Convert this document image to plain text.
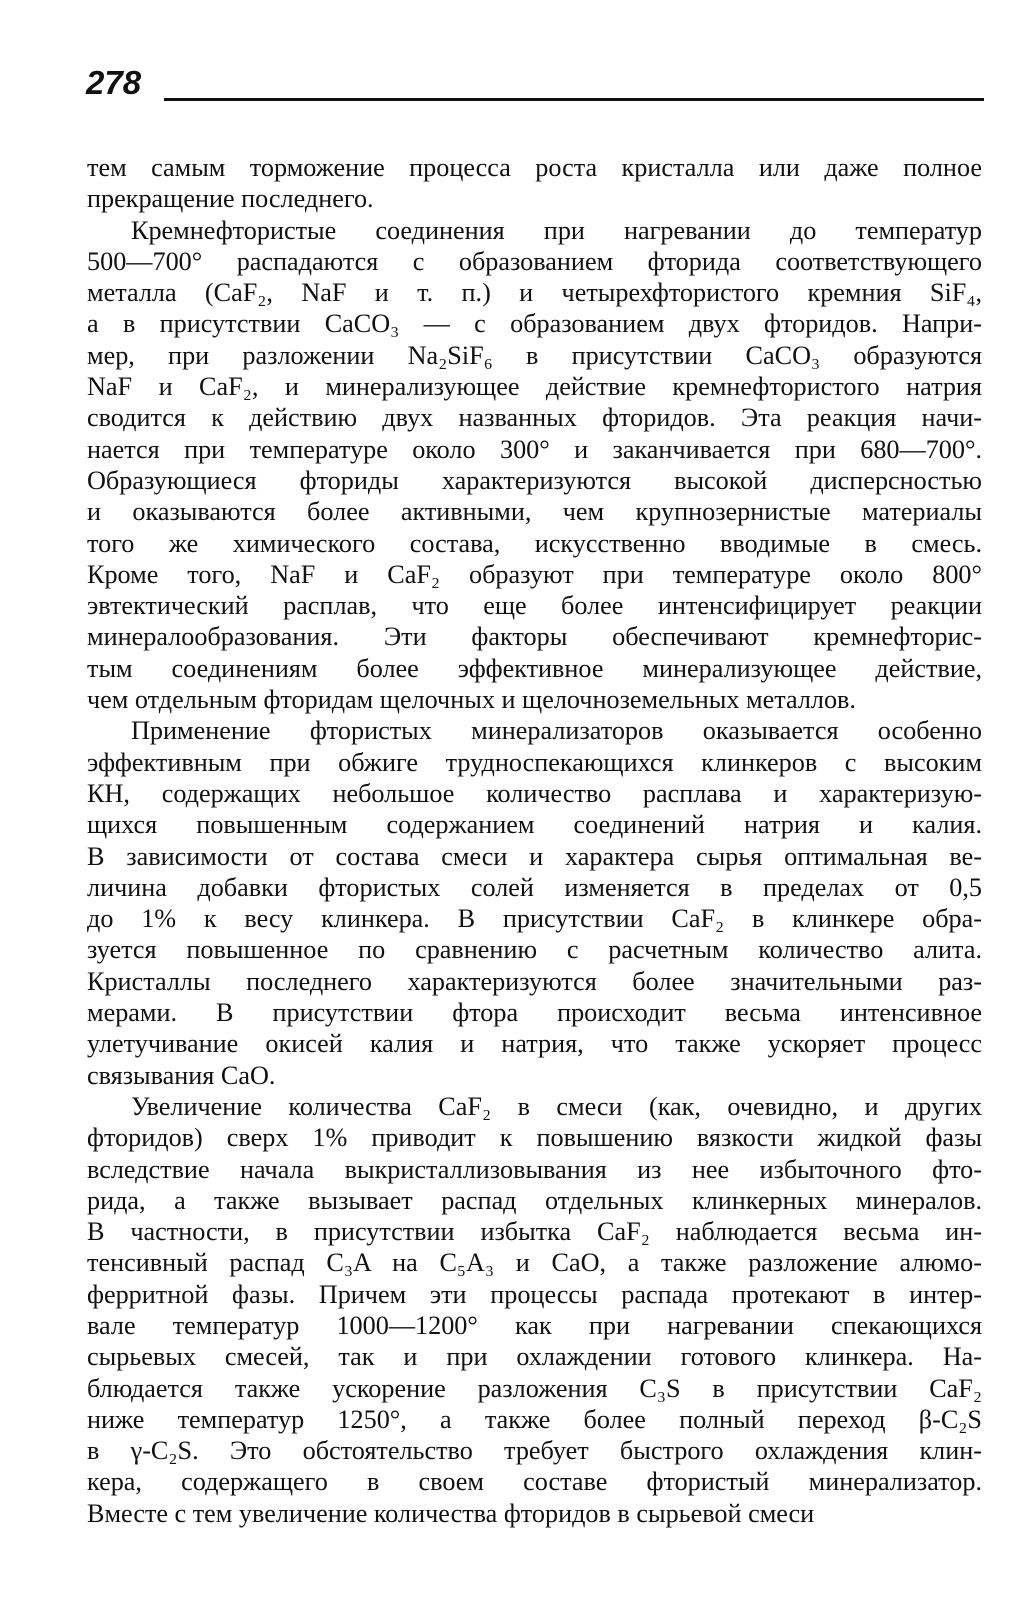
278
тем самым торможение процесса роста кристалла или даже полное
прекращение последнего.
Кремнефтористые соединения при нагревании до температур
500—700° распадаются с образованием фторида соответствующего
металла (CaF₂, NaF и т. п.) и четырехфтористого кремния SiF₄,
а в присутствии CaCO₃ — с образованием двух фторидов. Напри-
мер, при разложении Na₂SiF₆ в присутствии CaCO₃ образуются
NaF и CaF₂, и минерализующее действие кремнефтористого натрия
сводится к действию двух названных фторидов. Эта реакция начи-
нается при температуре около 300° и заканчивается при 680—700°.
Образующиеся фториды характеризуются высокой дисперсностью
и оказываются более активными, чем крупнозернистые материалы
того же химического состава, искусственно вводимые в смесь.
Кроме того, NaF и CaF₂ образуют при температуре около 800°
эвтектический расплав, что еще более интенсифицирует реакции
минералообразования. Эти факторы обеспечивают кремнефторис-
тым соединениям более эффективное минерализующее действие,
чем отдельным фторидам щелочных и щелочноземельных металлов.
Применение фтористых минерализаторов оказывается особенно
эффективным при обжиге трудноспекающихся клинкеров с высоким
КН, содержащих небольшое количество расплава и характеризую-
щихся повышенным содержанием соединений натрия и калия.
В зависимости от состава смеси и характера сырья оптимальная ве-
личина добавки фтористых солей изменяется в пределах от 0,5
до 1% к весу клинкера. В присутствии CaF₂ в клинкере обра-
зуется повышенное по сравнению с расчетным количество алита.
Кристаллы последнего характеризуются более значительными раз-
мерами. В присутствии фтора происходит весьма интенсивное
улетучивание окисей калия и натрия, что также ускоряет процесс
связывания CaO.
Увеличение количества CaF₂ в смеси (как, очевидно, и других
фторидов) сверх 1% приводит к повышению вязкости жидкой фазы
вследствие начала выкристаллизовывания из нее избыточного фто-
рида, а также вызывает распад отдельных клинкерных минералов.
В частности, в присутствии избытка CaF₂ наблюдается весьма ин-
тенсивный распад C₃A на C₅A₃ и CaO, а также разложение алюмо-
ферритной фазы. Причем эти процессы распада протекают в интер-
вале температур 1000—1200° как при нагревании спекающихся
сырьевых смесей, так и при охлаждении готового клинкера. На-
блюдается также ускорение разложения C₃S в присутствии CaF₂
ниже температур 1250°, а также более полный переход β-C₂S
в γ-C₂S. Это обстоятельство требует быстрого охлаждения клин-
кера, содержащего в своем составе фтористый минерализатор.
Вместе с тем увеличение количества фторидов в сырьевой смеси
